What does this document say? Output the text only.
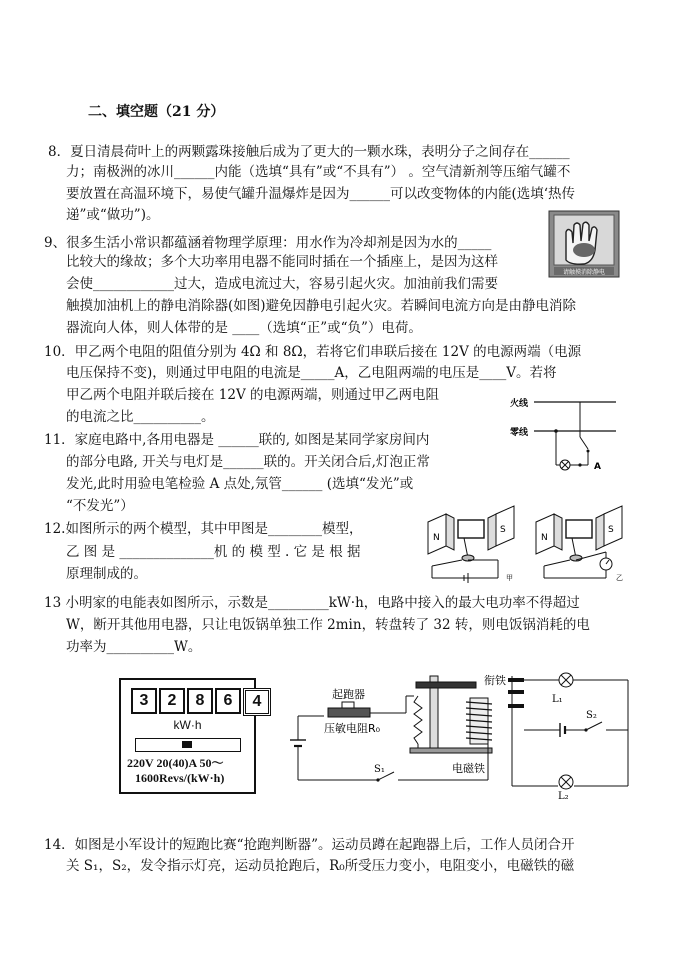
二、填空题（21 分）
8．夏日清晨荷叶上的两颗露珠接触后成为了更大的一颗水珠，表明分子之间存在______
力；南极洲的冰川______内能（选填“具有”或“不具有”） 。空气清新剂等压缩气罐不
要放置在高温环境下，易使气罐升温爆炸是因为______可以改变物体的内能(选填‘热传
递”或“做功”)。
9、很多生活小常识都蕴涵着物理学原理：用水作为冷却剂是因为水的_____
比较大的缘故；多个大功率用电器不能同时插在一个插座上，是因为这样
会使____________过大，造成电流过大，容易引起火灾。加油前我们需要
触摸加油机上的静电消除器(如图)避免因静电引起火灾。若瞬间电流方向是由静电消除
器流向人体，则人体带的是 ____（选填“正”或“负”）电荷。
请触摸消除静电
10．甲乙两个电阻的阻值分别为 4Ω 和 8Ω，若将它们串联后接在 12V 的电源两端（电源
电压保持不变)，则通过甲电阻的电流是_____A，乙电阻两端的电压是____V。若将
甲乙两个电阻并联后接在 12V 的电源两端，则通过甲乙两电阻
的电流之比__________。
火线
零线
A
11．家庭电路中,各用电器是 ______联的, 如图是某同学家房间内
的部分电路, 开关与电灯是______联的。开关闭合后,灯泡正常
发光,此时用验电笔检验 A 点处,氖管______ (选填“发光”或
“不发光”）
12.如图所示的两个模型，其中甲图是________模型，
乙 图 是 ______________机 的 模 型 . 它 是 根 据
原理制成的。
N
S
甲
N
S
乙
13 小明家的电能表如图所示，示数是_________kW·h，电路中接入的最大电功率不得超过
W，断开其他用电器，只让电饭锅单独工作 2min，转盘转了 32 转，则电饭锅消耗的电
功率为__________W。
3	2	8	6	4
kW·h
220V 20(40)A 50～
1600Revs/(kW·h)
起跑器
压敏电阻R₀
衔铁
电磁铁
S₁
L₁
S₂
L₂
14．如图是小军设计的短跑比赛“抢跑判断器”。运动员蹲在起跑器上后，工作人员闭合开
关 S₁，S₂，发令指示灯亮，运动员抢跑后，R₀所受压力变小，电阻变小，电磁铁的磁
